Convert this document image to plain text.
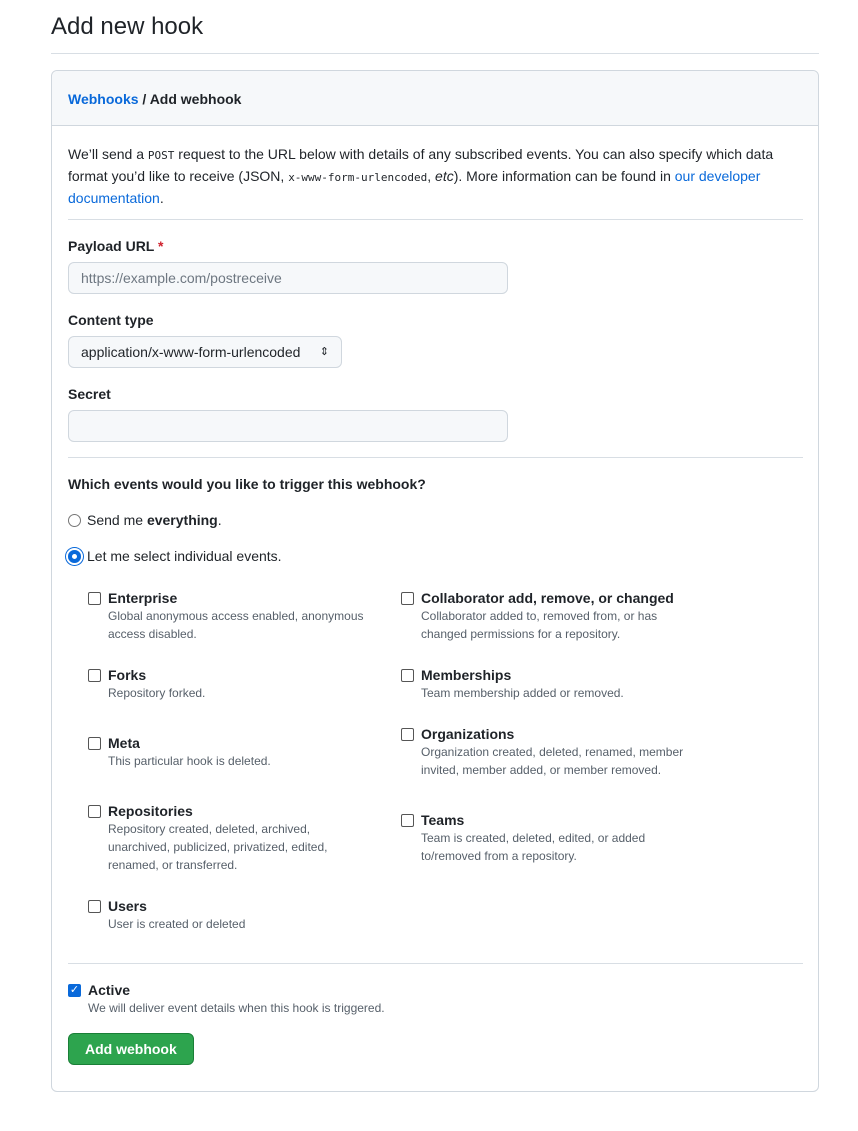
Add new hook
Webhooks / Add webhook
We’ll send a POST request to the URL below with details of any subscribed events. You can also specify which data format you’d like to receive (JSON, x-www-form-urlencoded, etc). More information can be found in our developer documentation.
Payload URL *
https://example.com/postreceive
Content type
application/x-www-form-urlencoded ⇕
Secret
Which events would you like to trigger this webhook?
Send me everything.
Let me select individual events.
Enterprise
Global anonymous access enabled, anonymous access disabled.
Collaborator add, remove, or changed
Collaborator added to, removed from, or has changed permissions for a repository.
Forks
Repository forked.
Memberships
Team membership added or removed.
Meta
This particular hook is deleted.
Organizations
Organization created, deleted, renamed, member invited, member added, or member removed.
Repositories
Repository created, deleted, archived, unarchived, publicized, privatized, edited, renamed, or transferred.
Teams
Team is created, deleted, edited, or added to/removed from a repository.
Users
User is created or deleted
✓ Active
We will deliver event details when this hook is triggered.
Add webhook
